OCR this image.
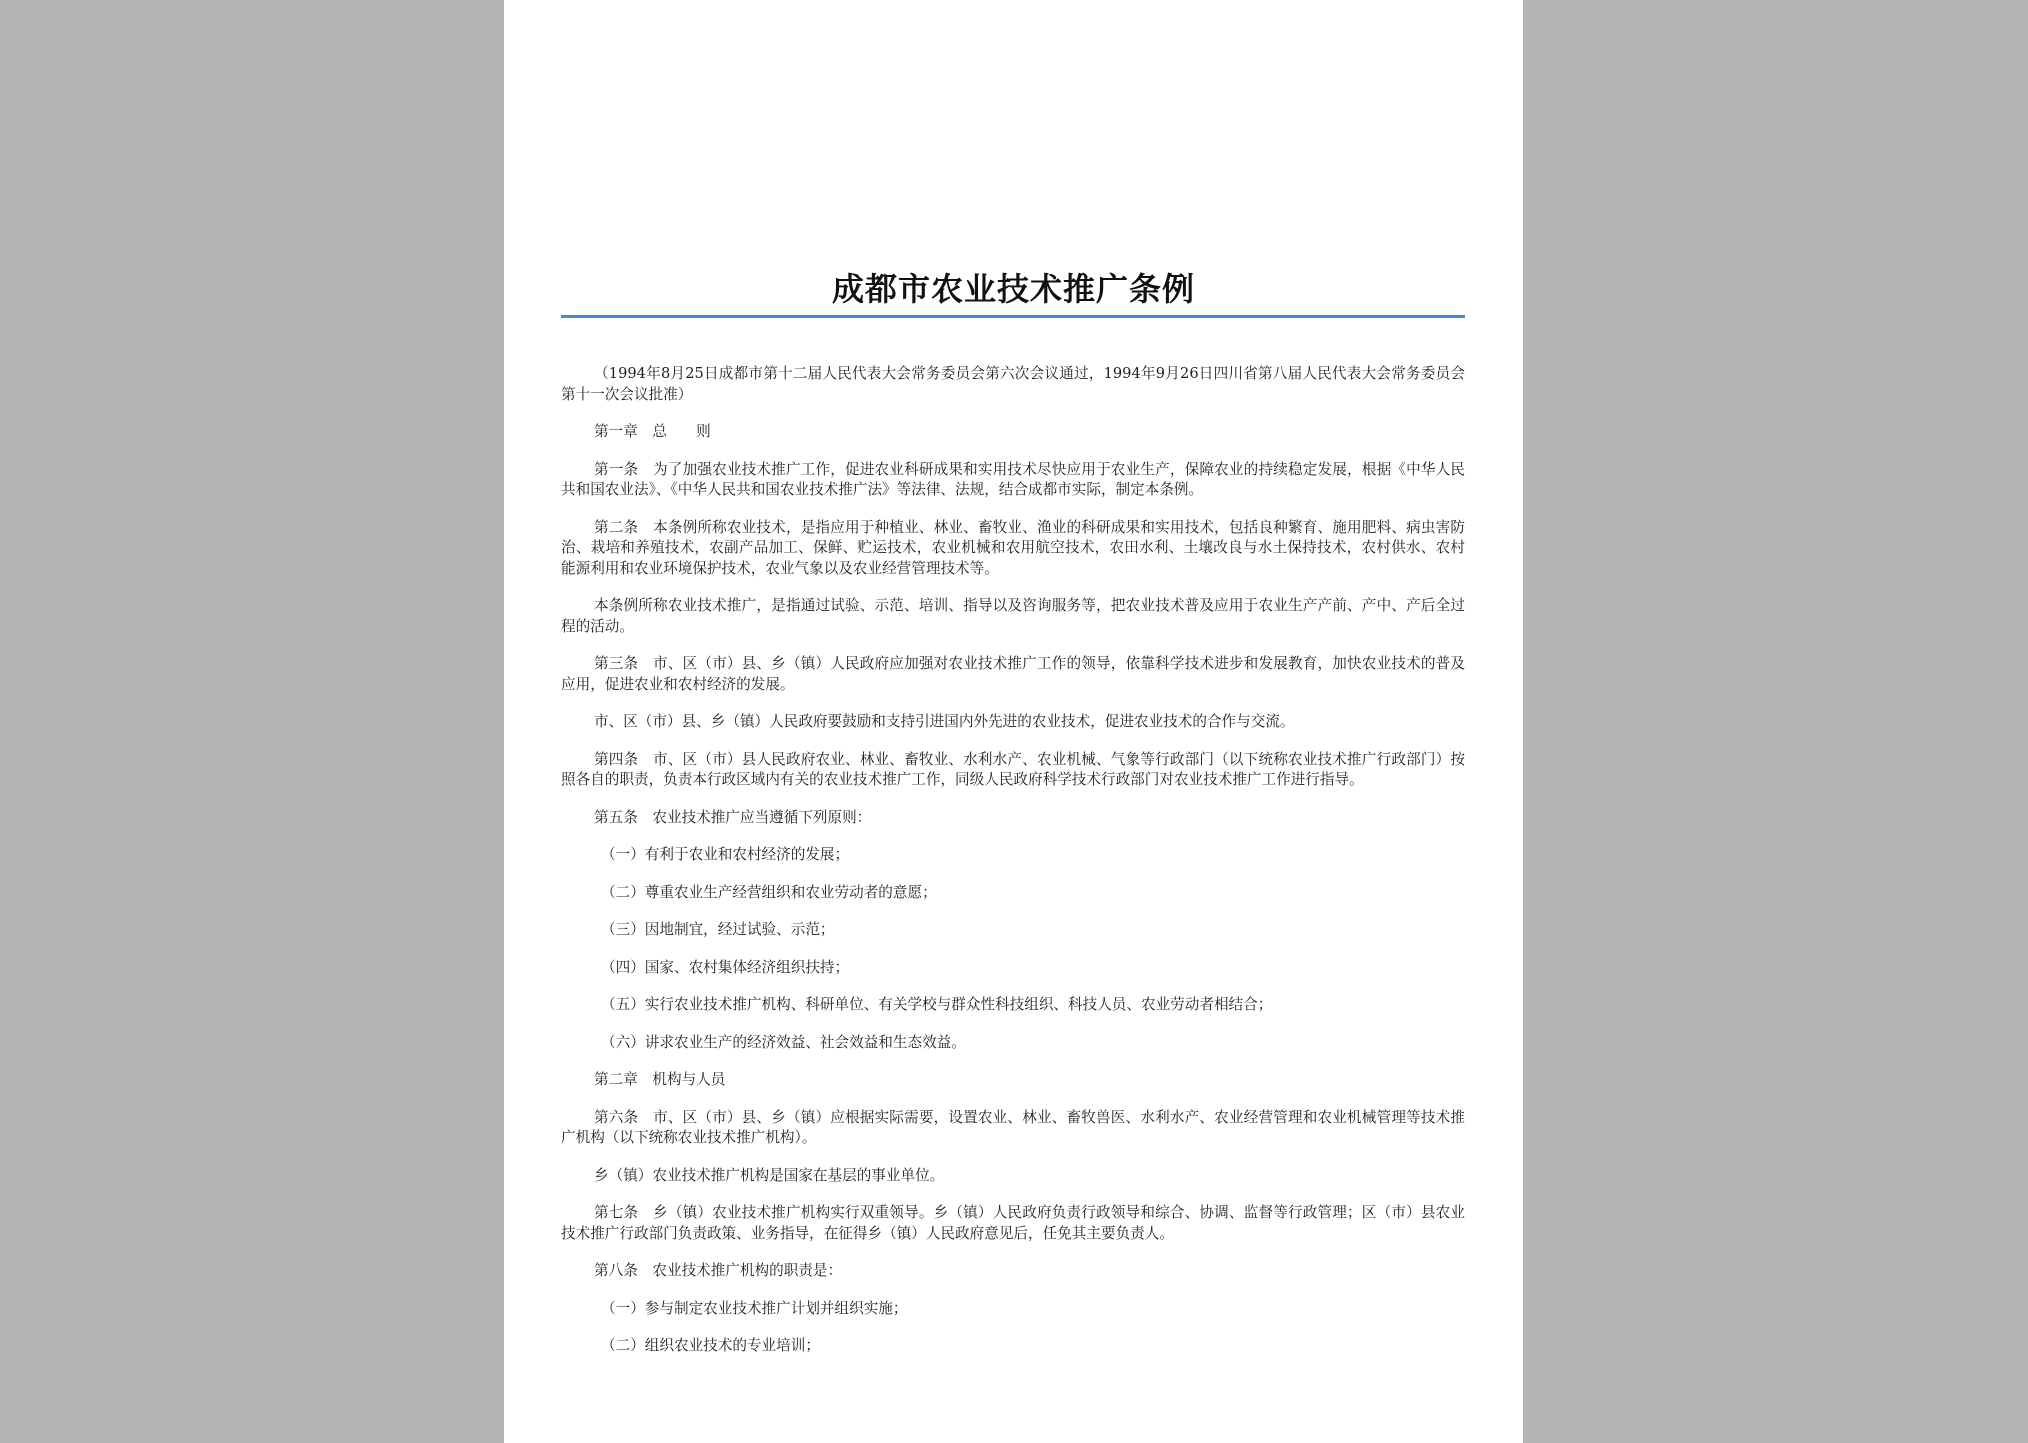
成都市农业技术推广条例

（1994年8月25日成都市第十二届人民代表大会常务委员会第六次会议通过，1994年9月26日四川省第八届人民代表大会常务委员会第十一次会议批准）

第一章　总　　则

第一条　为了加强农业技术推广工作，促进农业科研成果和实用技术尽快应用于农业生产，保障农业的持续稳定发展，根据《中华人民共和国农业法》、《中华人民共和国农业技术推广法》等法律、法规，结合成都市实际，制定本条例。

第二条　本条例所称农业技术，是指应用于种植业、林业、畜牧业、渔业的科研成果和实用技术，包括良种繁育、施用肥料、病虫害防治、栽培和养殖技术，农副产品加工、保鲜、贮运技术，农业机械和农用航空技术，农田水利、土壤改良与水土保持技术，农村供水、农村能源利用和农业环境保护技术，农业气象以及农业经营管理技术等。

本条例所称农业技术推广，是指通过试验、示范、培训、指导以及咨询服务等，把农业技术普及应用于农业生产产前、产中、产后全过程的活动。

第三条　市、区（市）县、乡（镇）人民政府应加强对农业技术推广工作的领导，依靠科学技术进步和发展教育，加快农业技术的普及应用，促进农业和农村经济的发展。

市、区（市）县、乡（镇）人民政府要鼓励和支持引进国内外先进的农业技术，促进农业技术的合作与交流。

第四条　市、区（市）县人民政府农业、林业、畜牧业、水利水产、农业机械、气象等行政部门（以下统称农业技术推广行政部门）按照各自的职责，负责本行政区域内有关的农业技术推广工作，同级人民政府科学技术行政部门对农业技术推广工作进行指导。

第五条　农业技术推广应当遵循下列原则：

（一）有利于农业和农村经济的发展；

（二）尊重农业生产经营组织和农业劳动者的意愿；

（三）因地制宜，经过试验、示范；

（四）国家、农村集体经济组织扶持；

（五）实行农业技术推广机构、科研单位、有关学校与群众性科技组织、科技人员、农业劳动者相结合；

（六）讲求农业生产的经济效益、社会效益和生态效益。

第二章　机构与人员

第六条　市、区（市）县、乡（镇）应根据实际需要，设置农业、林业、畜牧兽医、水利水产、农业经营管理和农业机械管理等技术推广机构（以下统称农业技术推广机构）。

乡（镇）农业技术推广机构是国家在基层的事业单位。

第七条　乡（镇）农业技术推广机构实行双重领导。乡（镇）人民政府负责行政领导和综合、协调、监督等行政管理；区（市）县农业技术推广行政部门负责政策、业务指导，在征得乡（镇）人民政府意见后，任免其主要负责人。

第八条　农业技术推广机构的职责是：

（一）参与制定农业技术推广计划并组织实施；

（二）组织农业技术的专业培训；
